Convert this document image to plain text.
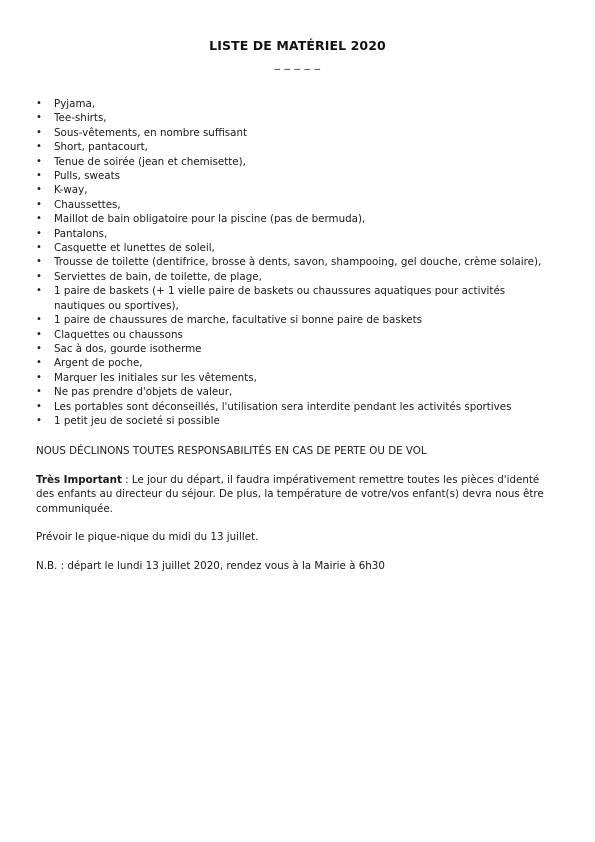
LISTE DE MATÉRIEL 2020
_ _ _ _ _
• Pyjama,
• Tee-shirts,
• Sous-vêtements, en nombre suffisant
• Short, pantacourt,
• Tenue de soirée (jean et chemisette),
• Pulls, sweats
• K-way,
• Chaussettes,
• Maillot de bain obligatoire pour la piscine (pas de bermuda),
• Pantalons,
• Casquette et lunettes de soleil,
• Trousse de toilette (dentifrice, brosse à dents, savon, shampooing, gel douche, crème solaire),
• Serviettes de bain, de toilette, de plage,
• 1 paire de baskets (+ 1 vielle paire de baskets ou chaussures aquatiques pour activités nautiques ou sportives),
• 1 paire de chaussures de marche, facultative si bonne paire de baskets
• Claquettes ou chaussons
• Sac à dos, gourde isotherme
• Argent de poche,
• Marquer les initiales sur les vêtements,
• Ne pas prendre d'objets de valeur,
• Les portables sont déconseillés, l'utilisation sera interdite pendant les activités sportives
• 1 petit jeu de societé si possible

NOUS DÉCLINONS TOUTES RESPONSABILITÉS EN CAS DE PERTE OU DE VOL

Très Important : Le jour du départ, il faudra impérativement remettre toutes les pièces d'identé des enfants au directeur du séjour. De plus, la température de votre/vos enfant(s) devra nous être communiquée.

Prévoir le pique-nique du midi du 13 juillet.

N.B. : départ le lundi 13 juillet 2020, rendez vous à la Mairie à 6h30
